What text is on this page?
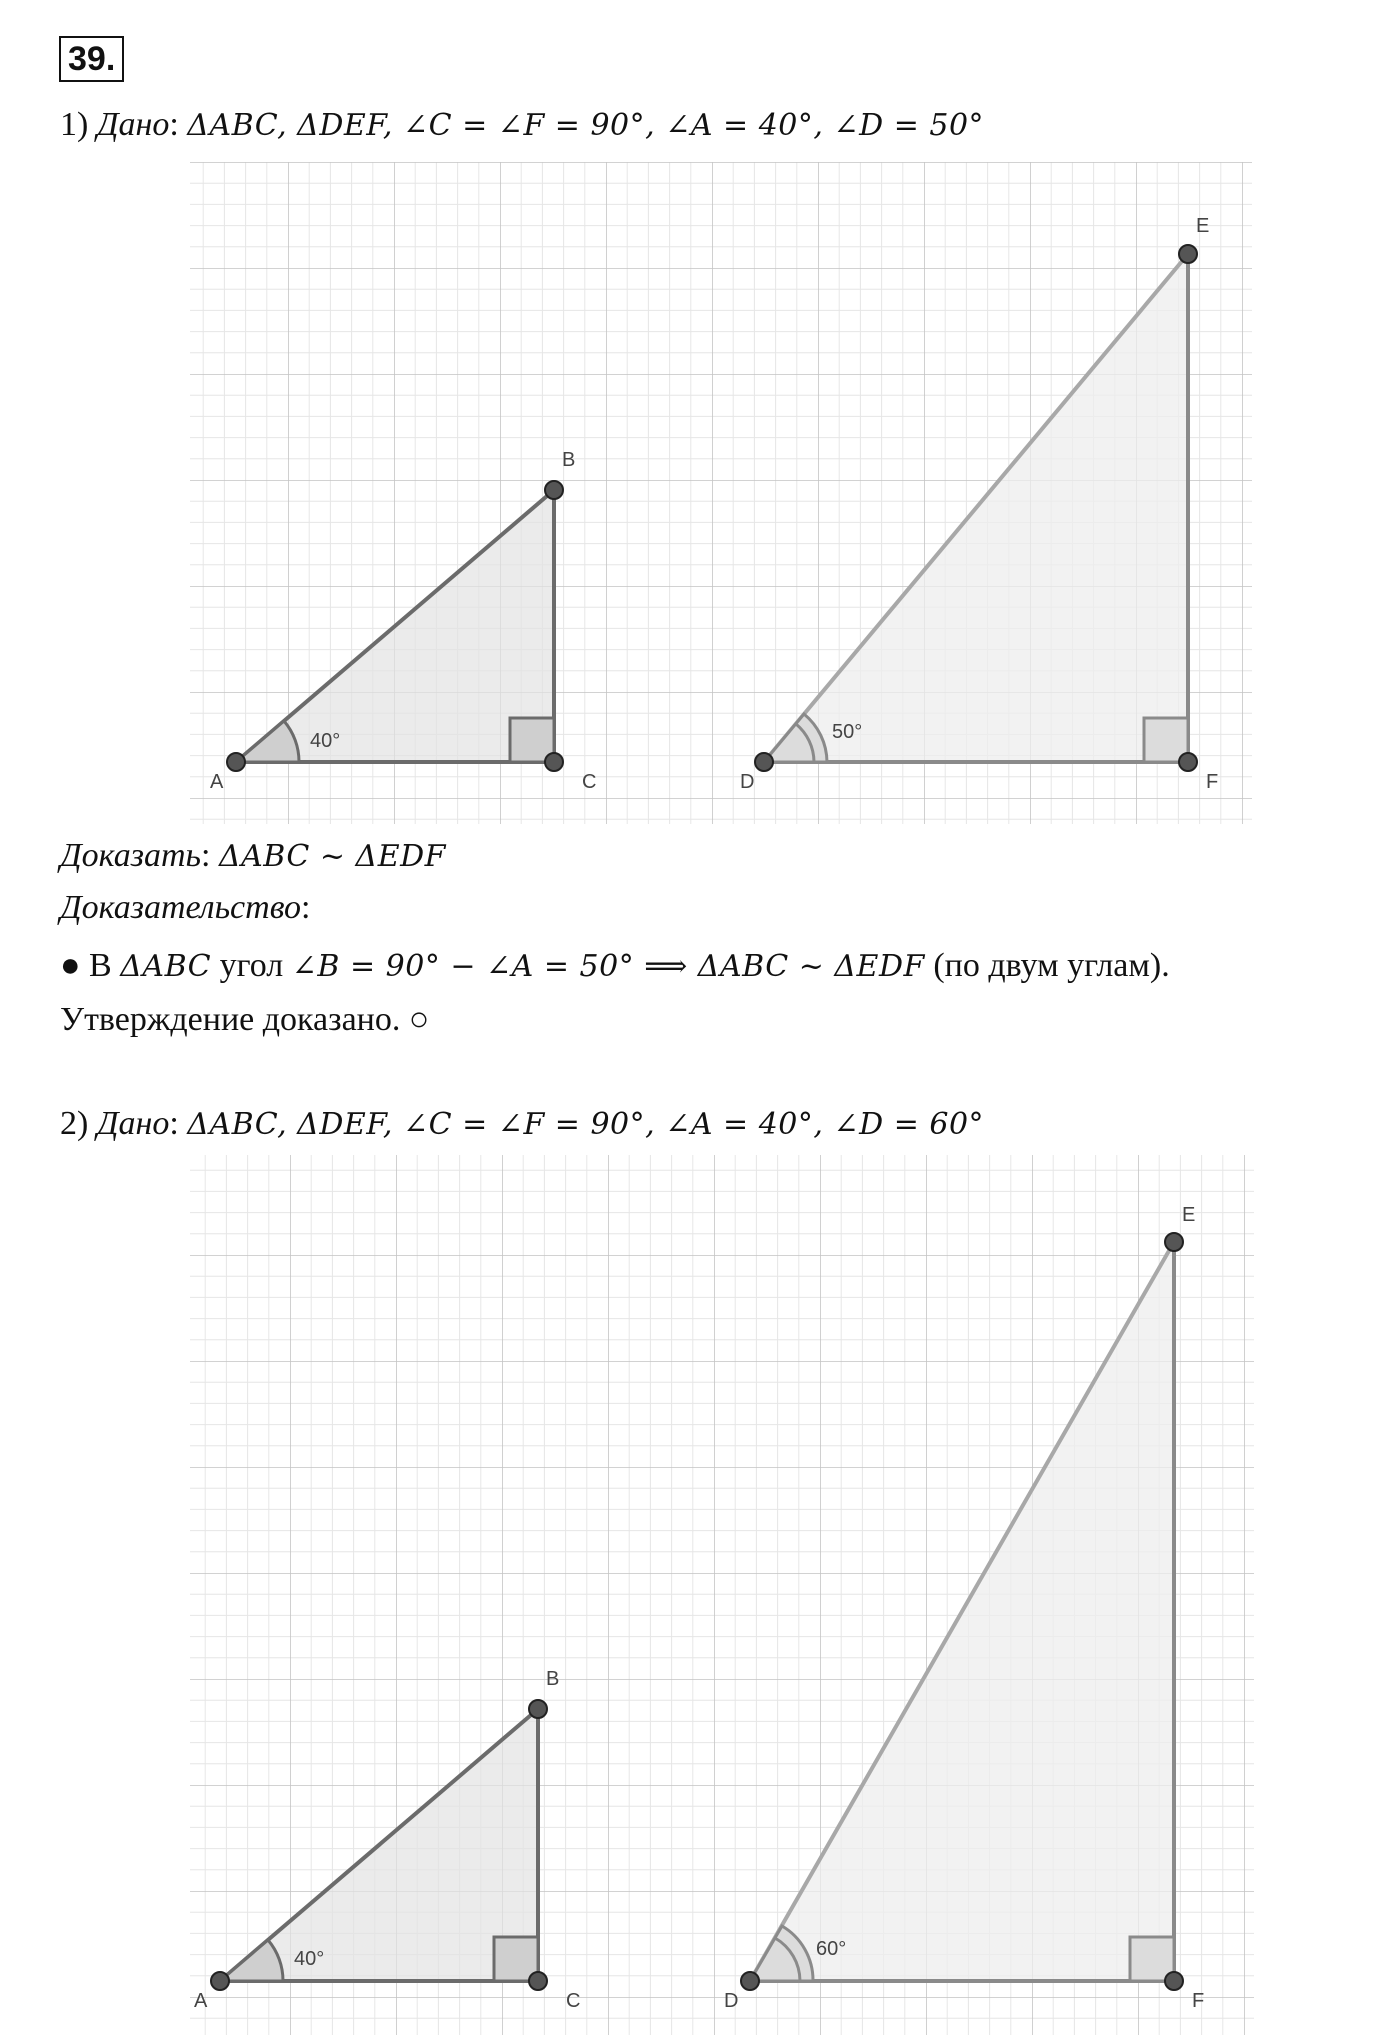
39.
1) Дано: ΔABC, ΔDEF, ∠C = ∠F = 90°, ∠A = 40°, ∠D = 50°
40°
A
B
C
50°
D
E
F
Доказать: ΔABC ~ ΔEDF
Доказательство:
● В ΔABC угол ∠B = 90° − ∠A = 50° ⟹ ΔABC ~ ΔEDF (по двум углам).
Утверждение доказано. ○
2) Дано: ΔABC, ΔDEF, ∠C = ∠F = 90°, ∠A = 40°, ∠D = 60°
40°
A
B
C
60°
D
E
F
